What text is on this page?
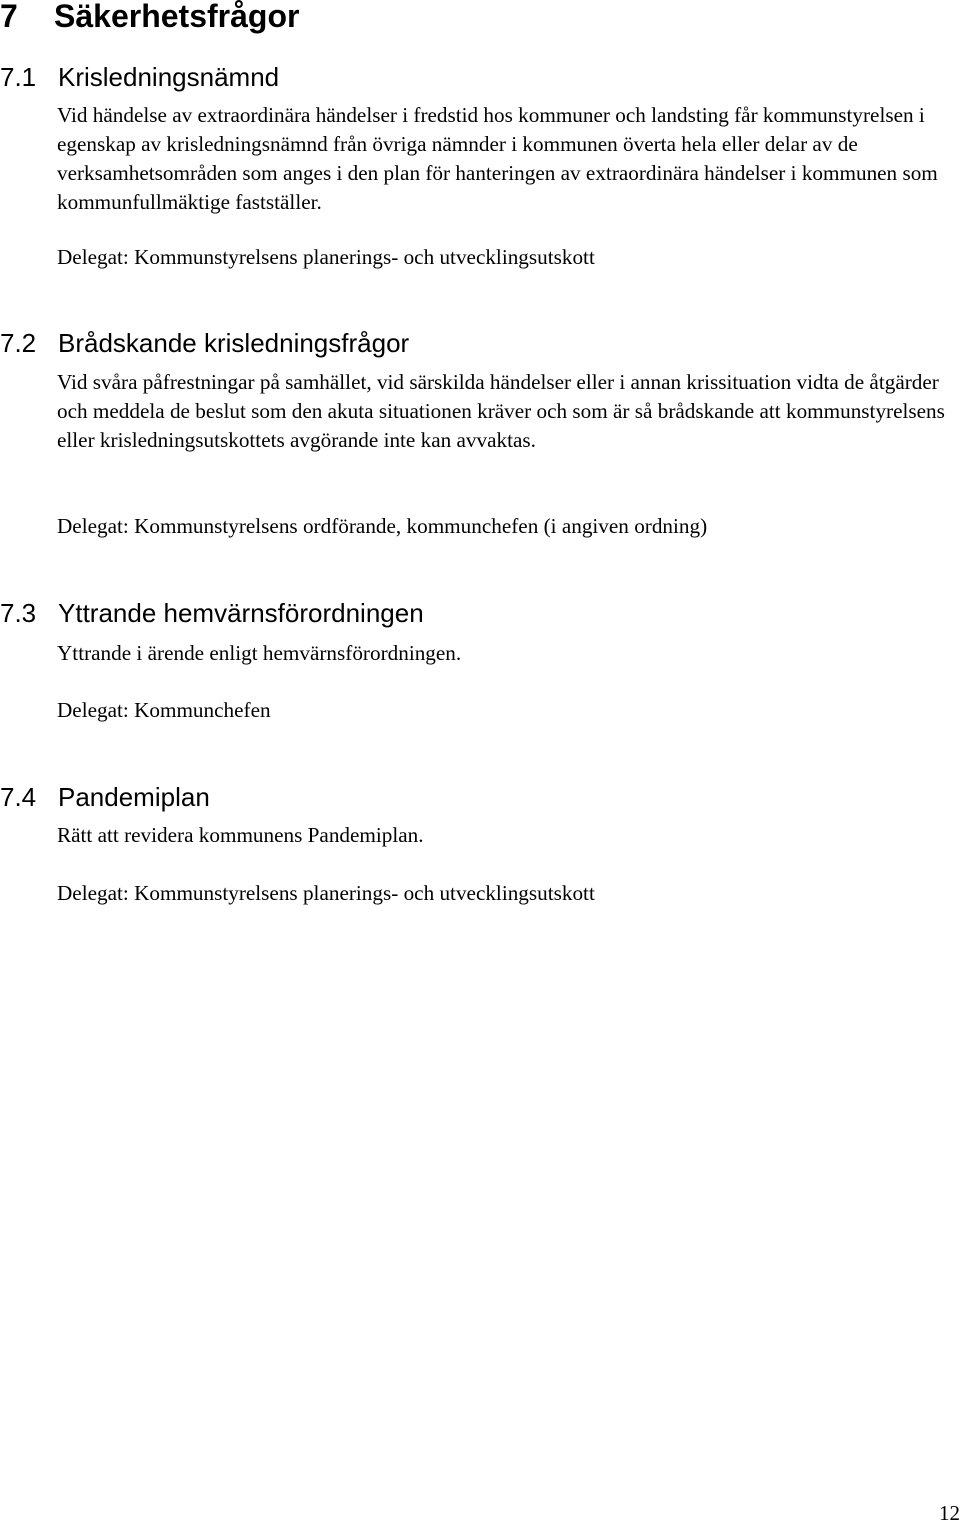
7 Säkerhetsfrågor
7.1 Krisledningsnämnd

Vid händelse av extraordinära händelser i fredstid hos kommuner och landsting får kommunstyrelsen i egenskap av krisledningsnämnd från övriga nämnder i kommunen överta hela eller delar av de verksamhetsområden som anges i den plan för hanteringen av extraordinära händelser i kommunen som kommunfullmäktige fastställer.

Delegat: Kommunstyrelsens planerings- och utvecklingsutskott

7.2 Brådskande krisledningsfrågor

Vid svåra påfrestningar på samhället, vid särskilda händelser eller i annan krissituation vidta de åtgärder och meddela de beslut som den akuta situationen kräver och som är så brådskande att kommunstyrelsens eller krisledningsutskottets avgörande inte kan avvaktas.

Delegat: Kommunstyrelsens ordförande, kommunchefen (i angiven ordning)

7.3 Yttrande hemvärnsförordningen

Yttrande i ärende enligt hemvärnsförordningen.

Delegat: Kommunchefen

7.4 Pandemiplan

Rätt att revidera kommunens Pandemiplan.

Delegat: Kommunstyrelsens planerings- och utvecklingsutskott

12
